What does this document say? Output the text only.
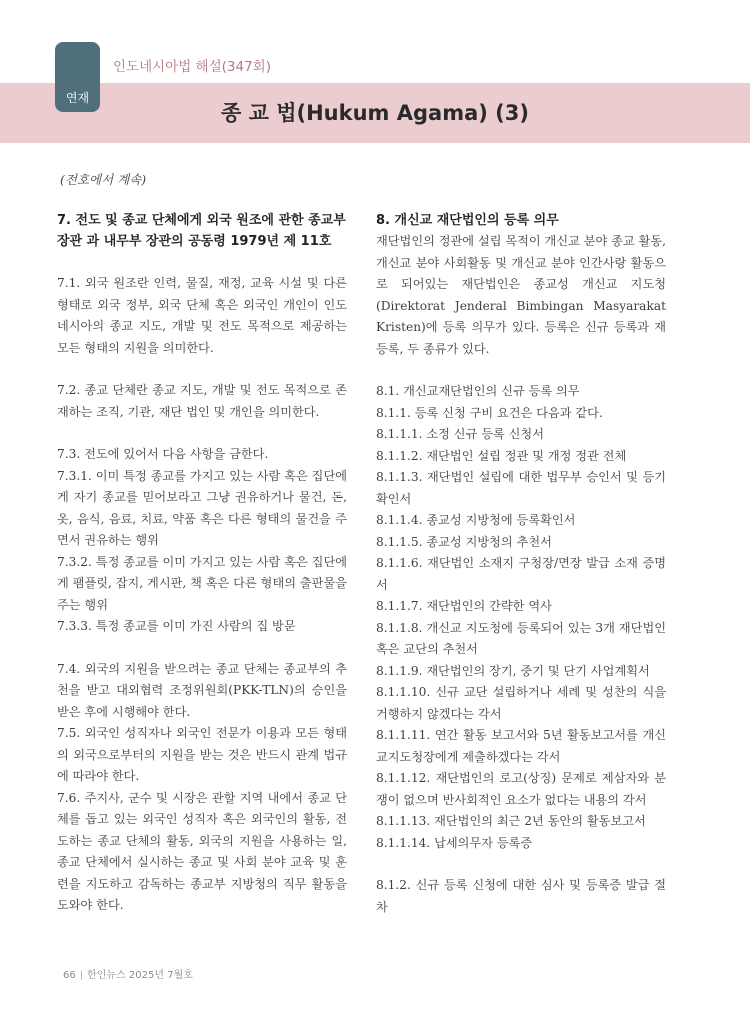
연재
인도네시아법 해설(347회)
종 교 법(Hukum Agama) (3)
(전호에서 계속)

7. 전도 및 종교 단체에게 외국 원조에 관한 종교부 장관 과 내무부 장관의 공동령 1979년 제 11호

7.1. 외국 원조란 인력, 물질, 재정, 교육 시설 및 다른 형태로 외국 정부, 외국 단체 혹은 외국인 개인이 인도네시아의 종교 지도, 개발 및 전도 목적으로 제공하는 모든 형태의 지원을 의미한다.

7.2. 종교 단체란 종교 지도, 개발 및 전도 목적으로 존재하는 조직, 기관, 재단 법인 및 개인을 의미한다.

7.3. 전도에 있어서 다음 사항을 금한다.

7.3.1. 이미 특정 종교를 가지고 있는 사람 혹은 집단에게 자기 종교를 믿어보라고 그냥 권유하거나 물건, 돈, 옷, 음식, 음료, 치료, 약품 혹은 다른 형태의 물건을 주면서 권유하는 행위

7.3.2. 특정 종교를 이미 가지고 있는 사람 혹은 집단에게 팸플릿, 잡지, 게시판, 책 혹은 다른 형태의 출판물을 주는 행위

7.3.3. 특정 종교를 이미 가진 사람의 집 방문

7.4. 외국의 지원을 받으려는 종교 단체는 종교부의 추천을 받고 대외협력 조정위원회(PKK-TLN)의 승인을 받은 후에 시행해야 한다.

7.5. 외국인 성직자나 외국인 전문가 이용과 모든 형태의 외국으로부터의 지원을 받는 것은 반드시 관계 법규에 따라야 한다.

7.6. 주지사, 군수 및 시장은 관할 지역 내에서 종교 단체를 돕고 있는 외국인 성직자 혹은 외국인의 활동, 전도하는 종교 단체의 활동, 외국의 지원을 사용하는 일, 종교 단체에서 실시하는 종교 및 사회 분야 교육 및 훈련을 지도하고 감독하는 종교부 지방청의 직무 활동을 도와야 한다.

8. 개신교 재단법인의 등록 의무

재단법인의 정관에 설립 목적이 개신교 분야 종교 활동, 개신교 분야 사회활동 및 개신교 분야 인간사랑 활동으로 되어있는 재단법인은 종교성 개신교 지도청(Direktorat Jenderal Bimbingan Masyarakat Kristen)에 등록 의무가 있다. 등록은 신규 등록과 재등록, 두 종류가 있다.

8.1. 개신교재단법인의 신규 등록 의무

8.1.1. 등록 신청 구비 요건은 다음과 같다.

8.1.1.1. 소정 신규 등록 신청서

8.1.1.2. 재단법인 설립 정관 및 개정 정관 전체

8.1.1.3. 재단법인 설립에 대한 법무부 승인서 및 등기 확인서

8.1.1.4. 종교성 지방청에 등록확인서

8.1.1.5. 종교성 지방청의 추천서

8.1.1.6. 재단법인 소재지 구청장/면장 발급 소재 증명서

8.1.1.7. 재단법인의 간략한 역사

8.1.1.8. 개신교 지도청에 등록되어 있는 3개 재단법인 혹은 교단의 추천서

8.1.1.9. 재단법인의 장기, 중기 및 단기 사업계획서

8.1.1.10. 신규 교단 설립하거나 세례 및 성찬의 식을 거행하지 않겠다는 각서

8.1.1.11. 연간 활동 보고서와 5년 활동보고서를 개신교지도청장에게 제출하겠다는 각서

8.1.1.12. 재단법인의 로고(상징) 문제로 제삼자와 분쟁이 없으며 반사회적인 요소가 없다는 내용의 각서

8.1.1.13. 재단법인의 최근 2년 동안의 활동보고서

8.1.1.14. 납세의무자 등록증

8.1.2. 신규 등록 신청에 대한 심사 및 등록증 발급 절차

66 | 한인뉴스 2025년 7월호
